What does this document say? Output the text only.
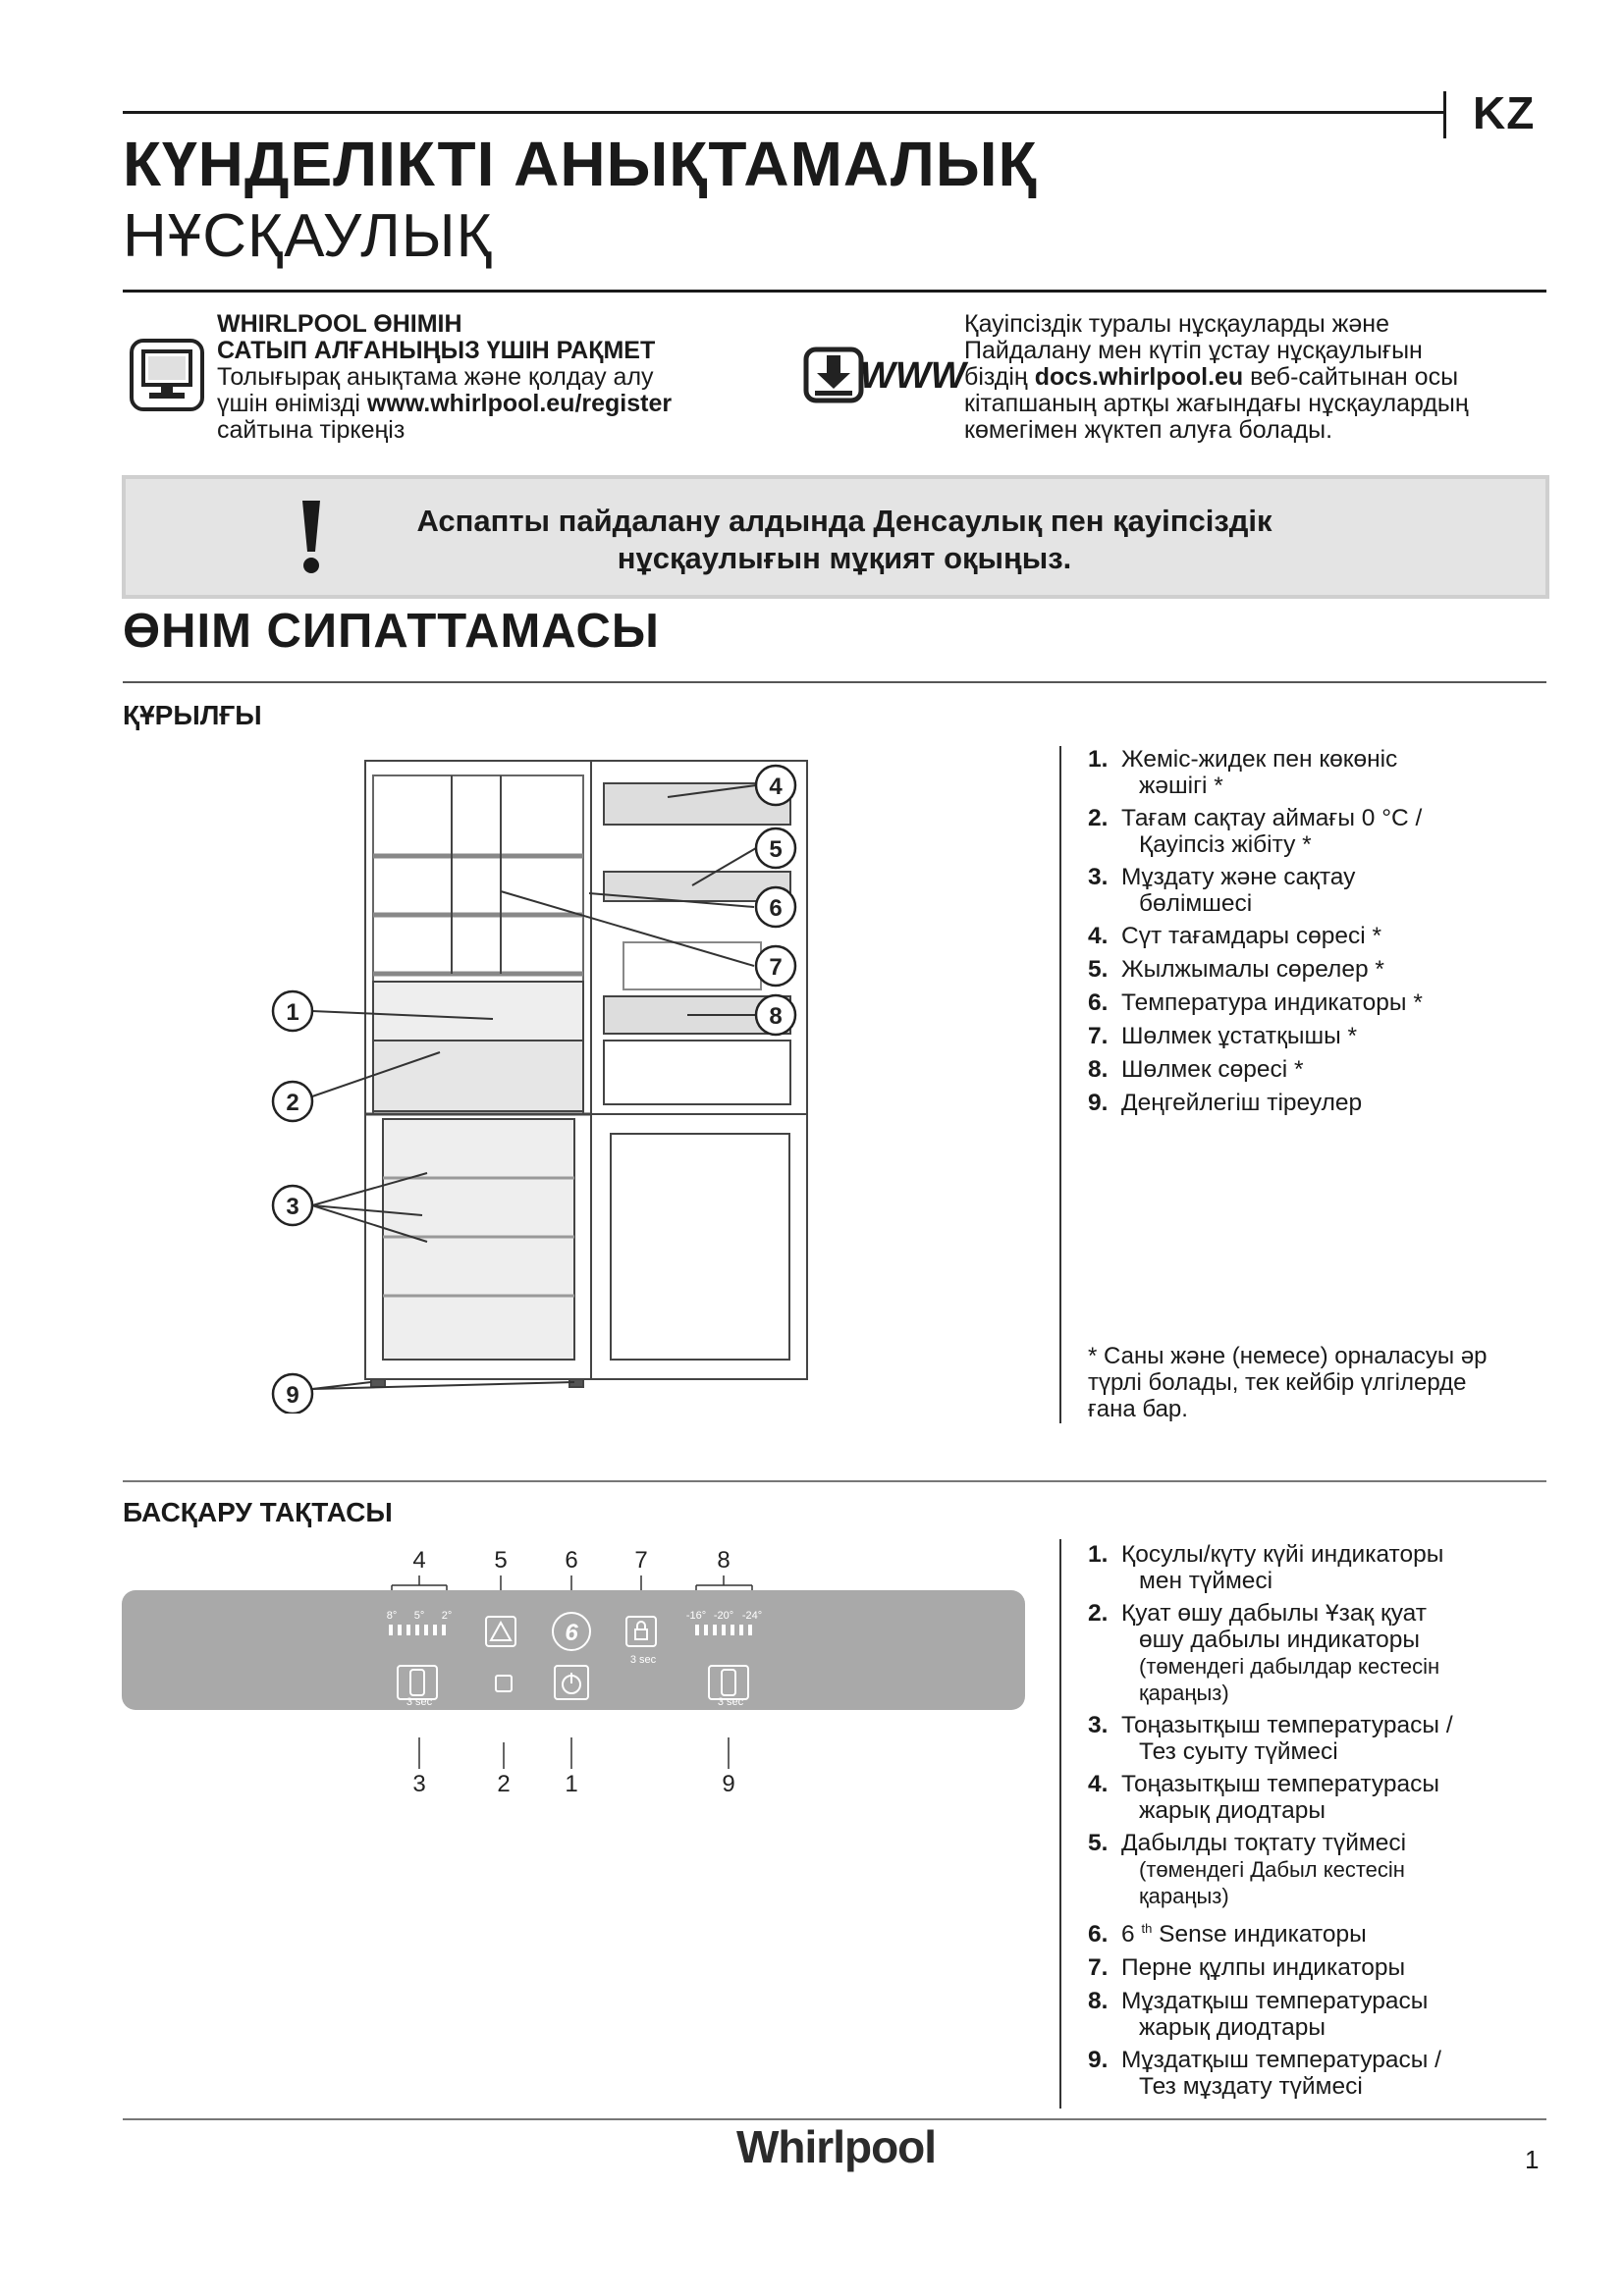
KZ
КҮНДЕЛІКТІ АНЫҚТАМАЛЫҚ
НҰСҚАУЛЫҚ
WHIRLPOOL ӨНІМІН
САТЫП АЛҒАНЫҢЫЗ ҮШІН РАҚМЕТ
Толығырақ анықтама және қолдау алу
үшін өніміздi www.whirlpool.eu/register
сайтына тіркеңіз
WWW
Қауіпсіздік туралы нұсқауларды және
Пайдалану мен күтіп ұстау нұсқаулығын
біздің docs.whirlpool.eu веб-сайтынан осы
кітапшаның артқы жағындағы нұсқаулардың
көмегімен жүктеп алуға болады.
Аспапты пайдалану алдында Денсаулық пен қауіпсіздік
нұсқаулығын мұқият оқыңыз.
ӨНІМ СИПАТТАМАСЫ
ҚҰРЫЛҒЫ
1
2
3
9
4
5
6
7
8
1. Жеміс-жидек пен көкөніс
жәшігі *
2. Тағам сақтау аймағы 0 °C /
Қауіпсіз жібіту *
3. Мұздату және сақтау
бөлімшесі
4. Сүт тағамдары сөресі *
5. Жылжымалы сөрелер *
6. Температура индикаторы *
7. Шөлмек ұстатқышы *
8. Шөлмек сөресі *
9. Деңгейлегіш тіреулер
* Саны және (немесе) орналасуы әр
түрлі болады, тек кейбір үлгілерде
ғана бар.
БАСҚАРУ ТАҚТАСЫ
4	5 6 7	8
3	2 1	9
8° 5° 2°	-16° -20° -24°
3 sec
3 sec
3 sec
6
1. Қосулы/күту күйі индикаторы
мен түймесі
2. Қуат өшу дабылы Ұзақ қуат
өшу дабылы индикаторы
(төмендегі дабылдар кестесін
қараңыз)
3. Тоңазытқыш температурасы /
Тез суыту түймесі
4. Тоңазытқыш температурасы
жарық диодтары
5. Дабылды тоқтату түймесі
(төмендегі Дабыл кестесін
қараңыз)
6. 6 $^{th}$ Sense индикаторы
7. Перне құлпы индикаторы
8. Мұздатқыш температурасы
жарық диодтары
9. Мұздатқыш температурасы /
Тез мұздату түймесі
Whirlpool	1
